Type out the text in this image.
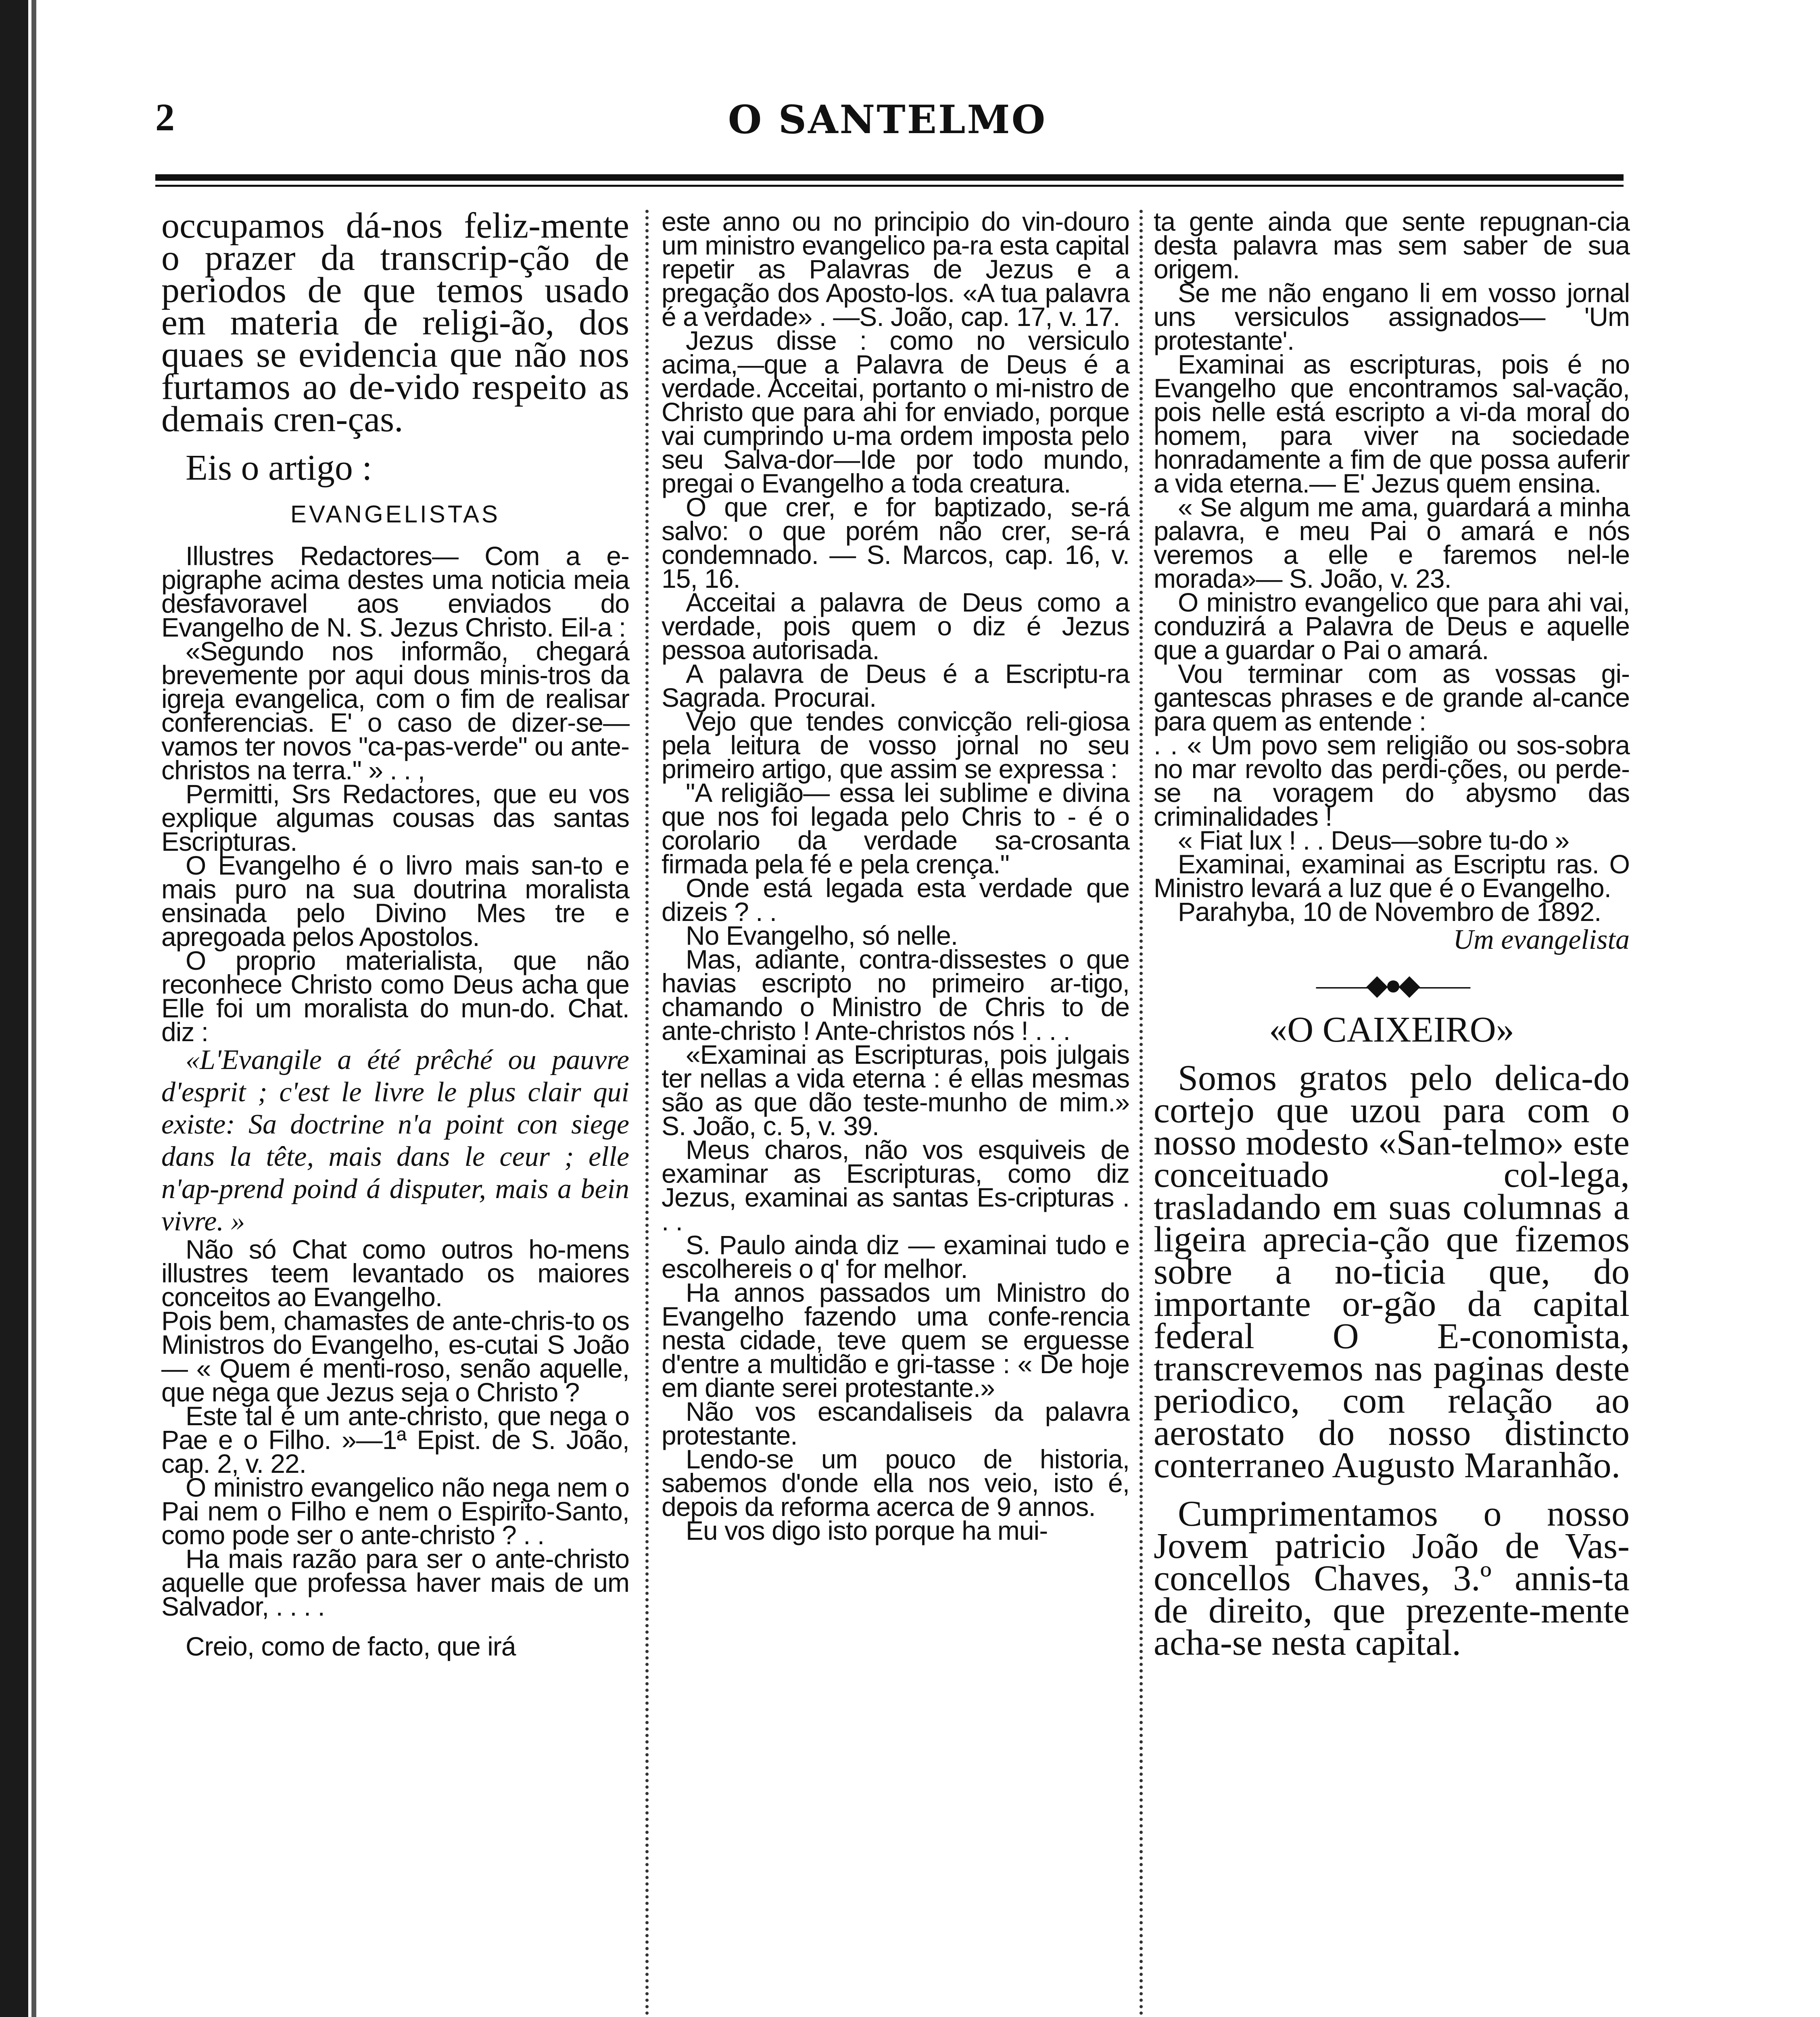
2	O SANTELMO

occupamos dá-nos feliz-mente o prazer da transcrip-ção de periodos de que temos usado em materia de religi-ão, dos quaes se evidencia que não nos furtamos ao de-vido respeito as demais cren-ças.

Eis o artigo :

EVANGELISTAS

Illustres Redactores— Com a e-pigraphe acima destes uma noticia meia desfavoravel aos enviados do Evangelho de N. S. Jezus Christo. Eil-a :

«Segundo nos informão, chegará brevemente por aqui dous minis-tros da igreja evangelica, com o fim de realisar conferencias. E' o caso de dizer-se— vamos ter novos "ca-pas-verde" ou ante-christos na terra." » . . ,

Permitti, Srs Redactores, que eu vos explique algumas cousas das santas Escripturas.

O Evangelho é o livro mais san-to e mais puro na sua doutrina moralista ensinada pelo Divino Mes tre e apregoada pelos Apostolos.

O proprio materialista, que não reconhece Christo como Deus acha que Elle foi um moralista do mun-do. Chat. diz :

«L'Evangile a été prêché ou pauvre d'esprit ; c'est le livre le plus clair qui existe: Sa doctrine n'a point con siege dans la tête, mais dans le ceur ; elle n'ap-prend poind á disputer, mais a bein vivre. »

Não só Chat como outros ho-mens illustres teem levantado os maiores conceitos ao Evangelho.

Pois bem, chamastes de ante-chris-to os Ministros do Evangelho, es-cutai S João — « Quem é menti-roso, senão aquelle, que nega que Jezus seja o Christo ?

Este tal é um ante-christo, que nega o Pae e o Filho. »—1ª Epist. de S. João, cap. 2, v. 22.

O ministro evangelico não nega nem o Pai nem o Filho e nem o Espirito-Santo, como pode ser o ante-christo ? . .

Ha mais razão para ser o ante-christo aquelle que professa haver mais de um Salvador, . . . .

Creio, como de facto, que irá

este anno ou no principio do vin-douro um ministro evangelico pa-ra esta capital repetir as Palavras de Jezus e a pregação dos Aposto-los. «A tua palavra é a verdade» . —S. João, cap. 17, v. 17.

Jezus disse : como no versiculo acima,—que a Palavra de Deus é a verdade. Acceitai, portanto o mi-nistro de Christo que para ahi for enviado, porque vai cumprindo u-ma ordem imposta pelo seu Salva-dor—Ide por todo mundo, pregai o Evangelho a toda creatura.

O que crer, e for baptizado, se-rá salvo: o que porém não crer, se-rá condemnado. — S. Marcos, cap. 16, v. 15, 16.

Acceitai a palavra de Deus como a verdade, pois quem o diz é Jezus pessoa autorisada.

A palavra de Deus é a Escriptu-ra Sagrada. Procurai.

Vejo que tendes convicção reli-giosa pela leitura de vosso jornal no seu primeiro artigo, que assim se expressa :

"A religião— essa lei sublime e divina que nos foi legada pelo Chris to - é o corolario da verdade sa-crosanta firmada pela fé e pela crença."

Onde está legada esta verdade que dizeis ? . .

No Evangelho, só nelle.

Mas, adiante, contra-dissestes o que havias escripto no primeiro ar-tigo, chamando o Ministro de Chris to de ante-christo ! Ante-christos nós ! . . .

«Examinai as Escripturas, pois julgais ter nellas a vida eterna : é ellas mesmas são as que dão teste-munho de mim.» S. João, c. 5, v. 39.

Meus charos, não vos esquiveis de examinar as Escripturas, como diz Jezus, examinai as santas Es-cripturas . . .

S. Paulo ainda diz — examinai tudo e escolhereis o q' for melhor.

Ha annos passados um Ministro do Evangelho fazendo uma confe-rencia nesta cidade, teve quem se erguesse d'entre a multidão e gri-tasse : « De hoje em diante serei protestante.»

Não vos escandaliseis da palavra protestante.

Lendo-se um pouco de historia, sabemos d'onde ella nos veio, isto é, depois da reforma acerca de 9 annos.

Eu vos digo isto porque ha mui-

ta gente ainda que sente repugnan-cia desta palavra mas sem saber de sua origem.

Se me não engano li em vosso jornal uns versiculos assignados— 'Um protestante'.

Examinai as escripturas, pois é no Evangelho que encontramos sal-vação, pois nelle está escripto a vi-da moral do homem, para viver na sociedade honradamente a fim de que possa auferir a vida eterna.— E' Jezus quem ensina.

« Se algum me ama, guardará a minha palavra, e meu Pai o amará e nós veremos a elle e faremos nel-le morada»— S. João, v. 23.

O ministro evangelico que para ahi vai, conduzirá a Palavra de Deus e aquelle que a guardar o Pai o amará.

Vou terminar com as vossas gi-gantescas phrases e de grande al-cance para quem as entende :

. . « Um povo sem religião ou sos-sobra no mar revolto das perdi-ções, ou perde-se na voragem do abysmo das criminalidades !

« Fiat lux ! . . Deus—sobre tu-do »

Examinai, examinai as Escriptu ras. O Ministro levará a luz que é o Evangelho.

Parahyba, 10 de Novembro de 1892.

Um evangelista

——◆●◆——

«O CAIXEIRO»

Somos gratos pelo delica-do cortejo que uzou para com o nosso modesto «San-telmo» este conceituado col-lega, trasladando em suas columnas a ligeira aprecia-ção que fizemos sobre a no-ticia que, do importante or-gão da capital federal O E-conomista, transcrevemos nas paginas deste periodico, com relação ao aerostato do nosso distincto conterraneo Augusto Maranhão.

Cumprimentamos o nosso Jovem patricio João de Vas-concellos Chaves, 3.º annis-ta de direito, que prezente-mente acha-se nesta capital.
